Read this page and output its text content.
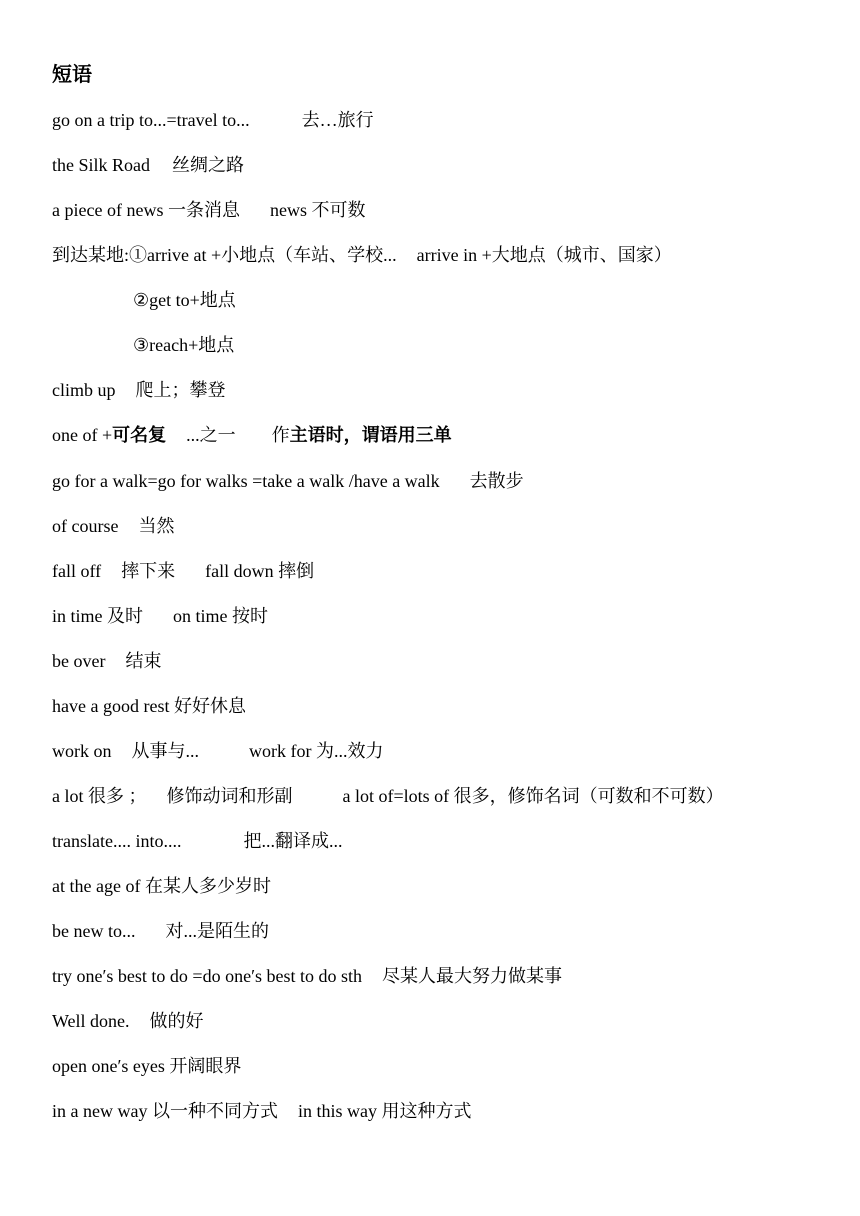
短语
go on a trip to...=travel to...	去…旅行
the Silk Road 丝绸之路
a piece of news 一条消息 news 不可数
到达某地:①arrive at +小地点（车站、学校... arrive in +大地点（城市、国家）
②get to+地点
③reach+地点
climb up 爬上；攀登
one of +可名复 ...之一 作主语时，谓语用三单
go for a walk=go for walks =take a walk /have a walk 去散步
of course 当然
fall off 摔下来 fall down 摔倒
in time 及时 on time 按时
be over 结束
have a good rest 好好休息
work on 从事与...	work for 为...效力
a lot 很多 ； 修饰动词和形副	a lot of=lots of 很多，修饰名词（可数和不可数）
translate.... into....	把...翻译成...
at the age of 在某人多少岁时
be new to... 对...是陌生的
try one′s best to do =do one′s best to do sth 尽某人最大努力做某事
Well done. 做的好
open one′s eyes 开阔眼界
in a new way 以一种不同方式 in this way 用这种方式
